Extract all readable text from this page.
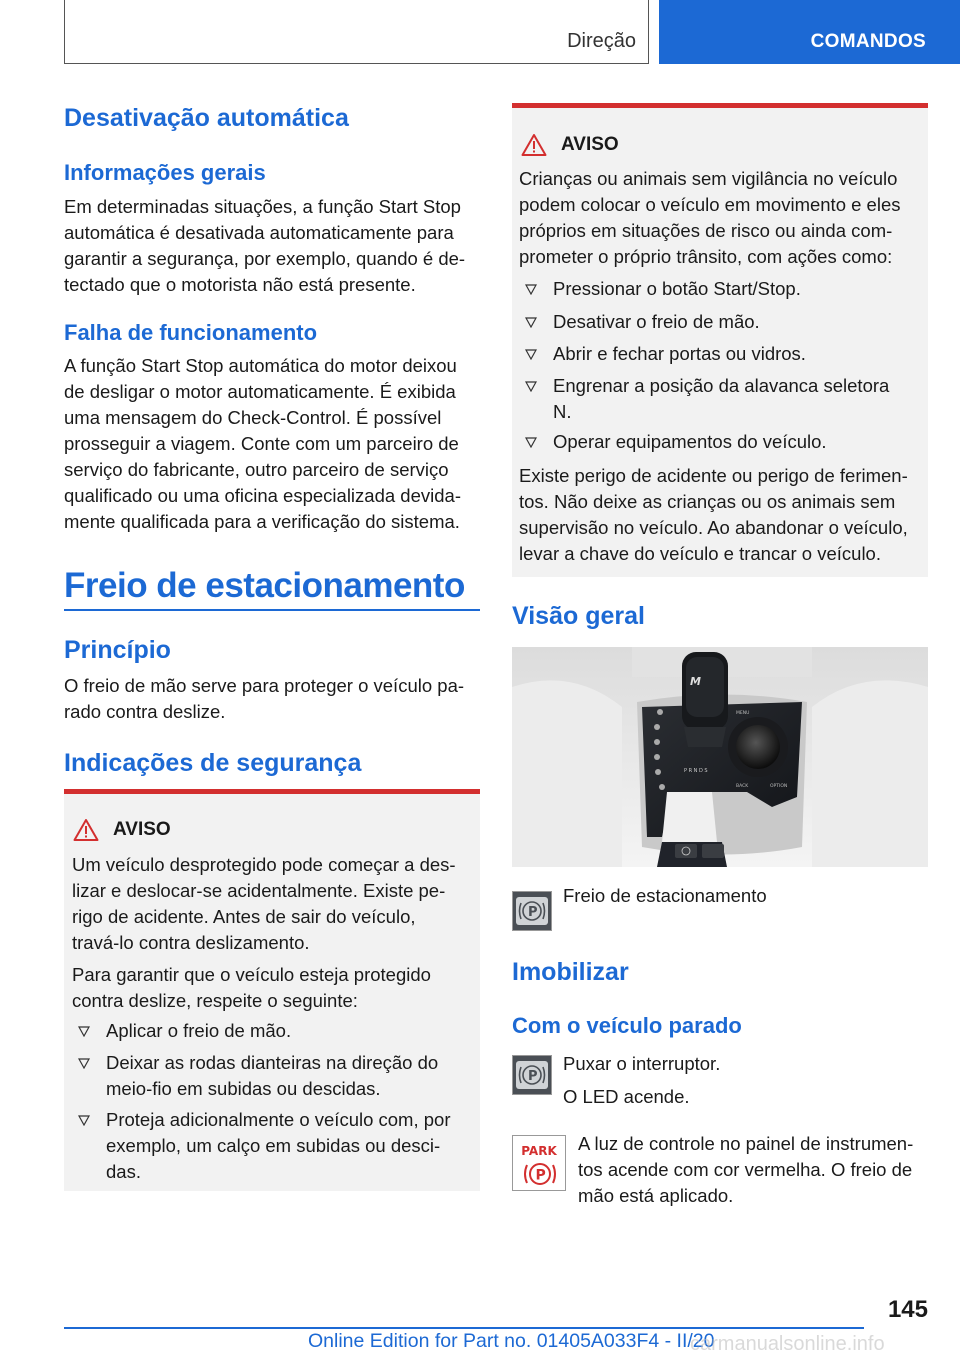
Direção	COMANDOS
Desativação automática
Informações gerais
Em determinadas situações, a função Start Stop
automática é desativada automaticamente para
garantir a segurança, por exemplo, quando é de-
tectado que o motorista não está presente.
Falha de funcionamento
A função Start Stop automática do motor deixou
de desligar o motor automaticamente. É exibida
uma mensagem do Check-Control. É possível
prosseguir a viagem. Conte com um parceiro de
serviço do fabricante, outro parceiro de serviço
qualificado ou uma oficina especializada devida-
mente qualificada para a verificação do sistema.
Freio de estacionamento
Princípio
O freio de mão serve para proteger o veículo pa-
rado contra deslize.
Indicações de segurança
AVISO
Um veículo desprotegido pode começar a des-
lizar e deslocar-se acidentalmente. Existe pe-
rigo de acidente. Antes de sair do veículo,
travá-lo contra deslizamento.
Para garantir que o veículo esteja protegido
contra deslize, respeite o seguinte:
Aplicar o freio de mão.
Deixar as rodas dianteiras na direção do
meio-fio em subidas ou descidas.
Proteja adicionalmente o veículo com, por
exemplo, um calço em subidas ou desci-
das.
AVISO
Crianças ou animais sem vigilância no veículo
podem colocar o veículo em movimento e eles
próprios em situações de risco ou ainda com-
prometer o próprio trânsito, com ações como:
Pressionar o botão Start/Stop.
Desativar o freio de mão.
Abrir e fechar portas ou vidros.
Engrenar a posição da alavanca seletora
N.
Operar equipamentos do veículo.
Existe perigo de acidente ou perigo de ferimen-
tos. Não deixe as crianças ou os animais sem
supervisão no veículo. Ao abandonar o veículo,
levar a chave do veículo e trancar o veículo.
Visão geral
M
MENU
BACK	OPTION
P R N D S
P
Freio de estacionamento
Imobilizar
Com o veículo parado
P
Puxar o interruptor.
O LED acende.
PARK
P
A luz de controle no painel de instrumen-
tos acende com cor vermelha. O freio de
mão está aplicado.
145
Online Edition for Part no. 01405A033F4 - II/20
carmanualsonline.info
